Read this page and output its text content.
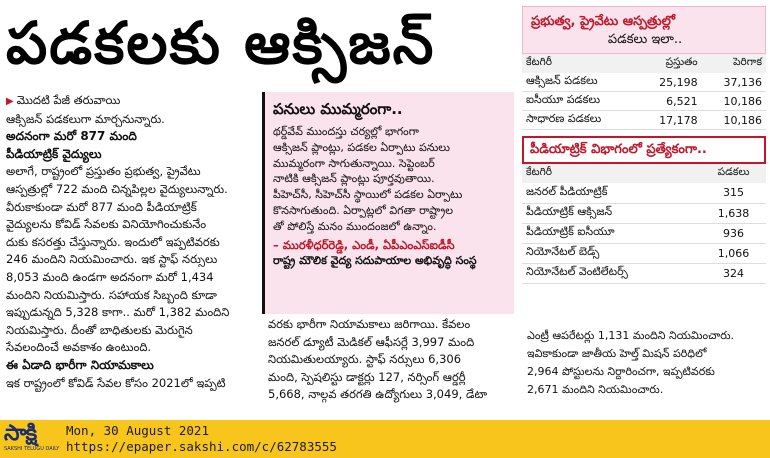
పడకలకు ఆక్సిజన్
▶ మొదటి పేజీ తరువాయి
ఆక్సిజన్ పడకలుగా మార్చనున్నారు.
అదనంగా మరో 877 మంది
పీడియాట్రిక్ వైద్యులు
అలాగే, రాష్ట్రంలో ప్రస్తుతం ప్రభుత్వ, ప్రైవేటు
ఆస్పత్రుల్లో 722 మంది చిన్నపిల్లల వైద్యులున్నారు.
వీరుకాకుండా మరో 877 మంది పీడియాట్రిక్
వైద్యులను కోవిడ్ సేవలకు వినియోగించుకునేం
దుకు కసరత్తు చేస్తున్నారు. ఇందులో ఇప్పటివరకు
246 మందిని నియమించారు. ఇక స్టాఫ్ నర్సులు
8,053 మంది ఉండగా అదనంగా మరో 1,434
మందిని నియమిస్తారు. సహాయక సిబ్బంది కూడా
ఇప్పుడున్నది 5,328 కాగా.. మరో 1,382 మందిని
నియమిస్తారు. దీంతో బాధితులకు మెరుగైన
సేవలందించే అవకాశం ఉంటుంది.
ఈ ఏడాది భారీగా నియామకాలు
ఇక రాష్ట్రంలో కోవిడ్ సేవల కోసం 2021లో ఇప్పటి
పనులు ముమ్మరంగా..
థర్డ్‌వేవ్ ముందస్తు చర్యల్లో భాగంగా
ఆక్సిజన్ ప్లాంట్లు, పడకల ఏర్పాటు పనులు
ముమ్మరంగా సాగుతున్నాయి. సెప్టెంబర్
నాటికి ఆక్సిజన్ ప్లాంట్లు పూర్తవుతాయి.
పీహెచ్‌సీ, సీహెచ్‌సీ స్థాయిలో పడకల ఏర్పాటు
కొనసాగుతుంది. ఏర్పాట్లలో విగతా రాష్ట్రాల
తో పోలిస్తే మనం ముందంజలో ఉన్నాం.
– మురళీధర్‌రెడ్డి, ఎండీ, ఏపీఎంఎస్ఐడీసీ
రాష్ట్ర మౌలిక వైద్య సదుపాయాల అభివృద్ధి సంస్థ
వరకు భారీగా నియామకాలు జరిగాయి. కేవలం
జనరల్ డ్యూటీ మెడికల్ ఆఫీసర్లే 3,997 మంది
నియమితులయ్యారు. స్టాఫ్ నర్సులు 6,306
మంది, స్పెషలిస్టు డాక్టర్లు 127, నర్సింగ్ ఆర్డర్లీ
5,668, నాల్గవ తరగతి ఉద్యోగులు 3,049, డేటా
ప్రభుత్వ, ప్రైవేటు ఆస్పత్రుల్లో
పడకలు ఇలా..
కేటగిరీ	ప్రస్తుతం	పెరిగాక
ఆక్సిజన్ పడకలు	25,198	37,136
ఐసీయూ పడకలు	6,521	10,186
సాధారణ పడకలు	17,178	10,186
పీడియాట్రిక్ విభాగంలో ప్రత్యేకంగా..
కేటగిరీ	పడకలు
జనరల్ పీడియాట్రిక్	315
పీడియాట్రిక్ ఆక్సిజన్	1,638
పీడియాట్రిక్ ఐసీయూ	936
నియోనేటల్ బెడ్స్	1,066
నియోనేటల్ వెంటిలేటర్స్	324
ఎంట్రీ ఆపరేటర్లు 1,131 మందిని నియమించారు.
ఇవికాకుండా జాతీయ హెల్త్ మిషన్ పరిధిలో
2,964 పోస్టులను నిర్దారించగా, ఇప్పటివరకు
2,671 మందిని నియమించారు.
సాక్షి
SAKSHI TELUGU DAILY
Mon, 30 August 2021
https://epaper.sakshi.com/c/62783555
